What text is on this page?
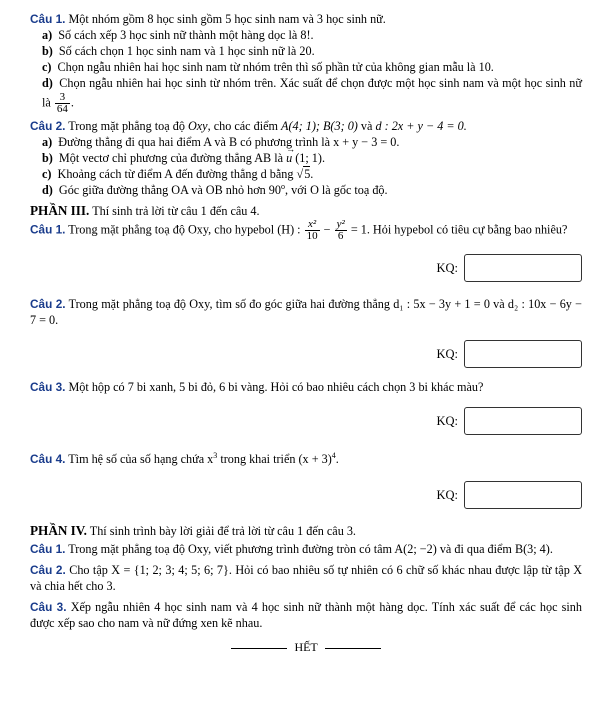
Câu 1. Một nhóm gồm 8 học sinh gồm 5 học sinh nam và 3 học sinh nữ.

a) Số cách xếp 3 học sinh nữ thành một hàng dọc là 8!.

b) Số cách chọn 1 học sinh nam và 1 học sinh nữ là 20.

c) Chọn ngẫu nhiên hai học sinh nam từ nhóm trên thì số phần tử của không gian mẫu là 10.

d) Chọn ngẫu nhiên hai học sinh từ nhóm trên. Xác suất để chọn được một học sinh nam và một học sinh nữ là $\frac{3}{64}$ .

Câu 2. Trong mặt phẳng toạ độ Oxy, cho các điểm A(4; 1); B(3; 0) và d : 2x + y − 4 = 0.

a) Đường thẳng đi qua hai điểm A và B có phương trình là x + y − 3 = 0.

b) Một vectơ chỉ phương của đường thẳng AB là u → (1; 1).

c) Khoảng cách từ điểm A đến đường thẳng d bằng √5.

d) Góc giữa đường thẳng OA và OB nhỏ hơn 90$^o$, với O là gốc toạ độ.

PHẦN III. Thí sinh trả lời từ câu 1 đến câu 4.

Câu 1. Trong mặt phẳng toạ độ Oxy, cho hypebol (H) : $\frac{\text{x²}}{10} - \frac{\text{y²}}{6} = 1$. Hỏi hypebol có tiêu cự bằng bao nhiêu?

KQ:

Câu 2. Trong mặt phẳng toạ độ Oxy, tìm số đo góc giữa hai đường thẳng d₁ : 5x − 3y + 1 = 0 và d₂ : 10x − 6y − 7 = 0.

KQ:

Câu 3. Một hộp có 7 bi xanh, 5 bi đỏ, 6 bi vàng. Hỏi có bao nhiêu cách chọn 3 bi khác màu?

KQ:

Câu 4. Tìm hệ số của số hạng chứa $x^3$ trong khai triển $(x + 3)^4$.

KQ:

PHẦN IV. Thí sinh trình bày lời giải để trả lời từ câu 1 đến câu 3.

Câu 1. Trong mặt phẳng toạ độ Oxy, viết phương trình đường tròn có tâm A(2; −2) và đi qua điểm B(3; 4).

Câu 2. Cho tập X = {1; 2; 3; 4; 5; 6; 7}. Hỏi có bao nhiêu số tự nhiên có 6 chữ số khác nhau được lập từ tập X và chia hết cho 3.

Câu 3. Xếp ngẫu nhiên 4 học sinh nam và 4 học sinh nữ thành một hàng dọc. Tính xác suất để các học sinh được xếp sao cho nam và nữ đứng xen kẽ nhau.

HẾT
